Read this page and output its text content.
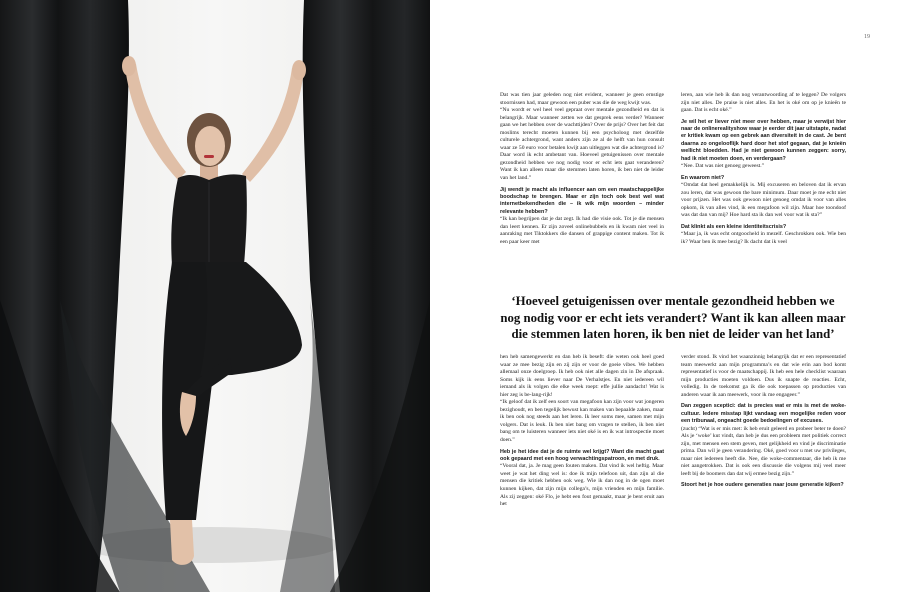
19

Dat was tien jaar geleden nog niet evident, wanneer je geen ernstige stoornissen had, maar gewoon een puber was die de weg kwijt was.

“Nu wordt er wel heel veel gepraat over mentale gezondheid en dat is belangrijk. Maar wanneer zetten we dat gesprek eens verder? Wanneer gaan we het hebben over de wachttijden? Over de prijs? Over het feit dat moslims terecht moeten kunnen bij een psycholoog met dezelfde culturele achtergrond, want anders zijn ze al de helft van hun consult waar ze 50 euro voor betalen kwijt aan uitleggen wat die achtergrond is? Daar word ik echt ambetant van. Hoeveel getuigenissen over mentale gezondheid hebben we nog nodig voor er echt iets gaat veranderen? Want ik kan alleen maar die stemmen laten horen, ik ben niet de leider van het land.”

Jij wendt je macht als influencer aan om een maatschappelijke boodschap te brengen. Maar er zijn toch ook best wel wat internetbekendheden die – ik wik mijn woorden – minder relevante hebben?

“Ik kan begrijpen dat je dat zegt. Ik had die visie ook. Tot je die mensen dan leert kennen. Er zijn zoveel onlinebubbels en ik kwam niet veel in aanraking met Tiktokkers die dansen of grappige content maken. Tot ik een paar keer met

leren, aan wie heb ik dan nog verantwoording af te leggen? De volgers zijn niet alles. De praise is niet alles. En het is oké om op je knieën te gaan. Dat is echt oké.”

Je wil het er liever niet meer over hebben, maar je verwijst hier naar de onlinerealityshow waar je eerder dit jaar uitstapte, nadat er kritiek kwam op een gebrek aan diversiteit in de cast. Je bent daarna zo ongelooflijk hard door het stof gegaan, dat je knieën wellicht bloedden. Had je niet gewoon kunnen zeggen: sorry, had ik niet moeten doen, en verdergaan?

“Nee. Dat was niet genoeg geweest.”

En waarom niet?

“Omdat dat heel gemakkelijk is. Mij excuseren en beloven dat ik ervan zou leren, dat was gewoon the bare minimum. Daar moet je me echt niet voor prijzen. Het was ook gewoon niet genoeg omdat ik voor van alles opkom, ik van alles vind, ik een megafoon wil zijn. Maar hoe toondoof was dat dan van mij? Hoe hard sta ik dan wel voor wat ik sta?”

Dat klinkt als een kleine identiteitscrisis?

“Maar ja, ik was echt ontgoocheld in mezelf. Geschrokken ook. Wie ben ik? Waar ben ik mee bezig? Ik dacht dat ik veel

‘Hoeveel getuigenissen over mentale gezondheid hebben we nog nodig voor er echt iets verandert? Want ik kan alleen maar die stemmen laten horen, ik ben niet de leider van het land’

hen heb samengewerkt en dan heb ik beseft: die weten ook heel goed waar ze mee bezig zijn en zij zijn er voor de goeie vibes. We hebben allemaal onze doelgroep. Ik heb ook niet alle dagen zin in De afspraak. Soms kijk ik eens liever naar De Verhalstjes. En niet iedereen wil iemand als ik volgen die elke week roept: effe jullie aandacht! Wat is hier zeg is be-lang-rijk!

“Ik geloof dat ik zelf een soort van megafoon kan zijn voor wat jongeren bezighoudt, en ben tegelijk bewust kan maken van bepaalde zaken, maar ik ben ook nog steeds aan het leren. Ik leer soms mee, samen met mijn volgers. Dat is leuk. Ik ben niet bang om vragen te stellen, ik ben niet bang om te luisteren wanneer iets niet oké is en ik wat introspectie moet doen.”

Heb je het idee dat je de ruimte wel krijgt? Want die macht gaat ook gepaard met een hoog verwachtingspatroon, en met druk.

“Vooral dat, ja. Je mag geen fouten maken. Dat vind ik wel heftig. Maar weet je wat het ding wel is: doe ik mijn telefoon uit, dan zijn al die mensen die kritiek hebben ook weg. Wie ik dan nog in de ogen moet kunnen kijken, dat zijn mijn collega’s, mijn vrienden en mijn familie. Als zij zeggen: oké Flo, je hebt een fout gemaakt, maar je bent eruit aan het

verder stond. Ik vind het waanzinnig belangrijk dat er een representatief team meewerkt aan mijn programma’s en dat wie erin aan bod komt representatief is voor de maatschappij. Ik heb een hele checklist waaraan mijn producties moeten voldoen. Dus ik snapte de reacties. Echt, volledig. In de toekomst ga ik die ook toepassen op producties van anderen waar ik aan meewerk, voor ik me engageer.”

Dan zeggen sceptici: dat is precies wat er mis is met de woke-cultuur. Iedere misstap lijkt vandaag een mogelijke reden voor een tribunaal, ongeacht goede bedoelingen of excuses.

(zucht) “Wat is er mis met: ik heb eruit geleerd en probeer beter te doen? Als je ‘woke’ kut vindt, dan heb je dus een probleem met politiek correct zijn, met mensen een stem geven, met gelijkheid en vind je discriminatie prima. Dan wil je geen verandering. Oké, goed voor u met uw privileges, maar niet iedereen heeft die. Nee, die woke-commentaar, die heb ik me niet aangetrokken. Dat is ook een discussie die volgens mij veel meer leeft bij de boomers dan dat wij ermee bezig zijn.”

Stoort het je hoe oudere generaties naar jouw generatie kijken?
